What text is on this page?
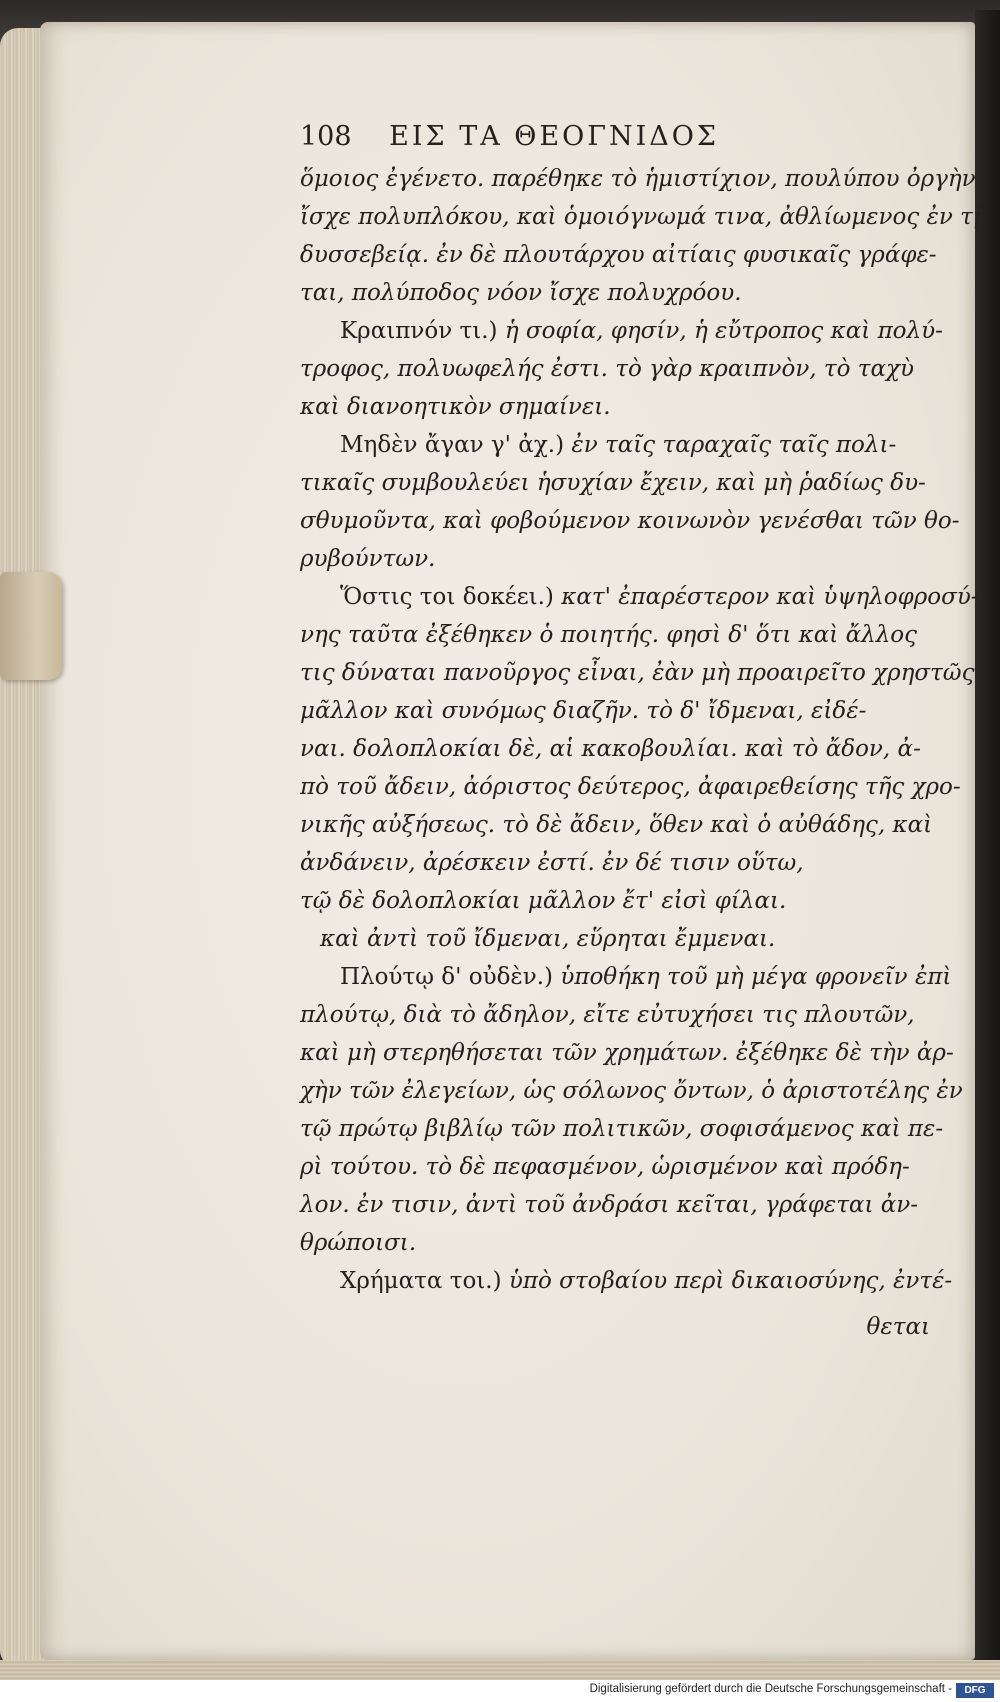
108 ΕΙΣ ΤΑ ΘΕΟΓΝΙΔΟΣ
ὅμοιος ἐγένετο. παρέθηκε τὸ ἡμιστίχιον, πουλύπου ὀργὴν
ἴσχε πολυπλόκου, καὶ ὁμοιόγνωμά τινα, ἀθλίωμενος ἐν τῇ
δυσσεβείᾳ. ἐν δὲ πλουτάρχου αἰτίαις φυσικαῖς γράφε-
ται, πολύποδος νόον ἴσχε πολυχρόου.
Κραιπνόν τι.) ἡ σοφία, φησίν, ἡ εὔτροπος καὶ πολύ-
τροφος, πολυωφελής ἐστι. τὸ γὰρ κραιπνὸν, τὸ ταχὺ
καὶ διανοητικὸν σημαίνει.
Μηδὲν ἄγαν γ' ἀχ.) ἐν ταῖς ταραχαῖς ταῖς πολι-
τικαῖς συμβουλεύει ἡσυχίαν ἔχειν, καὶ μὴ ῥαδίως δυ-
σθυμοῦντα, καὶ φοβούμενον κοινωνὸν γενέσθαι τῶν θο-
ρυβούντων.
Ὅστις τοι δοκέει.) κατ' ἐπαρέστερον καὶ ὑψηλοφροσύ-
νης ταῦτα ἐξέθηκεν ὁ ποιητής. φησὶ δ' ὅτι καὶ ἄλλος
τις δύναται πανοῦργος εἶναι, ἐὰν μὴ προαιρεῖτο χρηστῶς
μᾶλλον καὶ συνόμως διαζῆν. τὸ δ' ἴδμεναι, εἰδέ-
ναι. δολοπλοκίαι δὲ, αἱ κακοβουλίαι. καὶ τὸ ἄδον, ἀ-
πὸ τοῦ ἄδειν, ἀόριστος δεύτερος, ἀφαιρεθείσης τῆς χρο-
νικῆς αὐξήσεως. τὸ δὲ ἄδειν, ὅθεν καὶ ὁ αὐθάδης, καὶ
ἀνδάνειν, ἀρέσκειν ἐστί. ἐν δέ τισιν οὕτω,
τῷ δὲ δολοπλοκίαι μᾶλλον ἔτ' εἰσὶ φίλαι.
καὶ ἀντὶ τοῦ ἴδμεναι, εὕρηται ἔμμεναι.
Πλούτῳ δ' οὐδὲν.) ὑποθήκη τοῦ μὴ μέγα φρονεῖν ἐπὶ
πλούτῳ, διὰ τὸ ἄδηλον, εἴτε εὐτυχήσει τις πλουτῶν,
καὶ μὴ στερηθήσεται τῶν χρημάτων. ἐξέθηκε δὲ τὴν ἀρ-
χὴν τῶν ἐλεγείων, ὡς σόλωνος ὄντων, ὁ ἀριστοτέλης ἐν
τῷ πρώτῳ βιβλίῳ τῶν πολιτικῶν, σοφισάμενος καὶ πε-
ρὶ τούτου. τὸ δὲ πεφασμένον, ὡρισμένον καὶ πρόδη-
λον. ἐν τισιν, ἀντὶ τοῦ ἀνδράσι κεῖται, γράφεται ἀν-
θρώποισι.
Χρήματα τοι.) ὑπὸ στοβαίου περὶ δικαιοσύνης, ἐντέ-
θεται
Digitalisierung gefördert durch die Deutsche Forschungsgemeinschaft -	DFG
